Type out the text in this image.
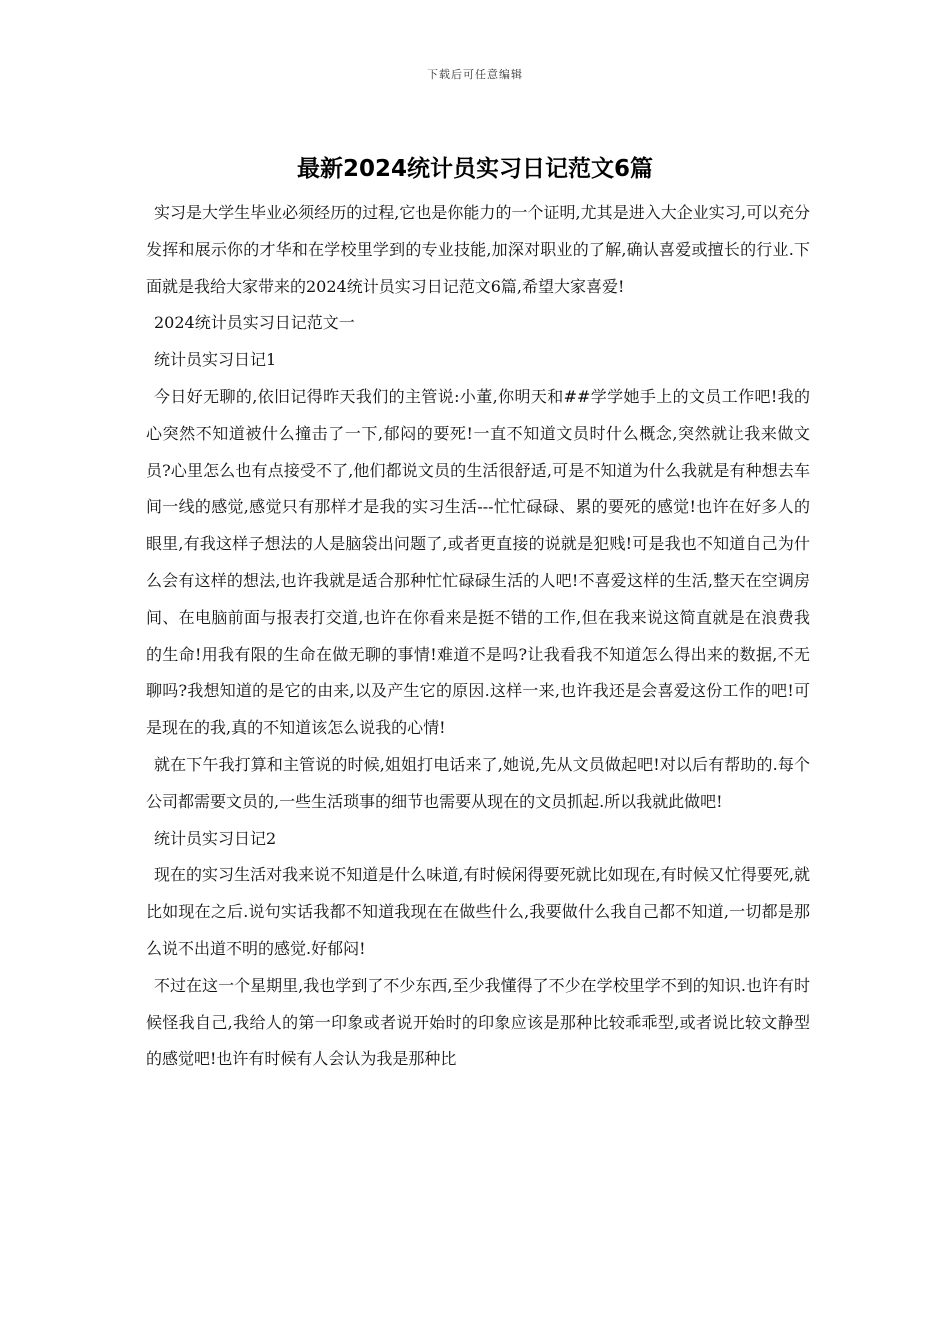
下载后可任意编辑
最新2024统计员实习日记范文6篇

实习是大学生毕业必须经历的过程,它也是你能力的一个证明,尤其是进入大企业实习,可以充分发挥和展示你的才华和在学校里学到的专业技能,加深对职业的了解,确认喜爱或擅长的行业.下面就是我给大家带来的2024统计员实习日记范文6篇,希望大家喜爱!

2024统计员实习日记范文一

统计员实习日记1

今日好无聊的,依旧记得昨天我们的主管说:小董,你明天和##学学她手上的文员工作吧!我的心突然不知道被什么撞击了一下,郁闷的要死!一直不知道文员时什么概念,突然就让我来做文员?心里怎么也有点接受不了,他们都说文员的生活很舒适,可是不知道为什么我就是有种想去车间一线的感觉,感觉只有那样才是我的实习生活---忙忙碌碌、累的要死的感觉!也许在好多人的眼里,有我这样子想法的人是脑袋出问题了,或者更直接的说就是犯贱!可是我也不知道自己为什么会有这样的想法,也许我就是适合那种忙忙碌碌生活的人吧!不喜爱这样的生活,整天在空调房间、在电脑前面与报表打交道,也许在你看来是挺不错的工作,但在我来说这简直就是在浪费我的生命!用我有限的生命在做无聊的事情!难道不是吗?让我看我不知道怎么得出来的数据,不无聊吗?我想知道的是它的由来,以及产生它的原因.这样一来,也许我还是会喜爱这份工作的吧!可是现在的我,真的不知道该怎么说我的心情!

就在下午我打算和主管说的时候,姐姐打电话来了,她说,先从文员做起吧!对以后有帮助的.每个公司都需要文员的,一些生活琐事的细节也需要从现在的文员抓起.所以我就此做吧!

统计员实习日记2

现在的实习生活对我来说不知道是什么味道,有时候闲得要死就比如现在,有时候又忙得要死,就比如现在之后.说句实话我都不知道我现在在做些什么,我要做什么我自己都不知道,一切都是那么说不出道不明的感觉.好郁闷!

不过在这一个星期里,我也学到了不少东西,至少我懂得了不少在学校里学不到的知识.也许有时候怪我自己,我给人的第一印象或者说开始时的印象应该是那种比较乖乖型,或者说比较文静型的感觉吧!也许有时候有人会认为我是那种比
